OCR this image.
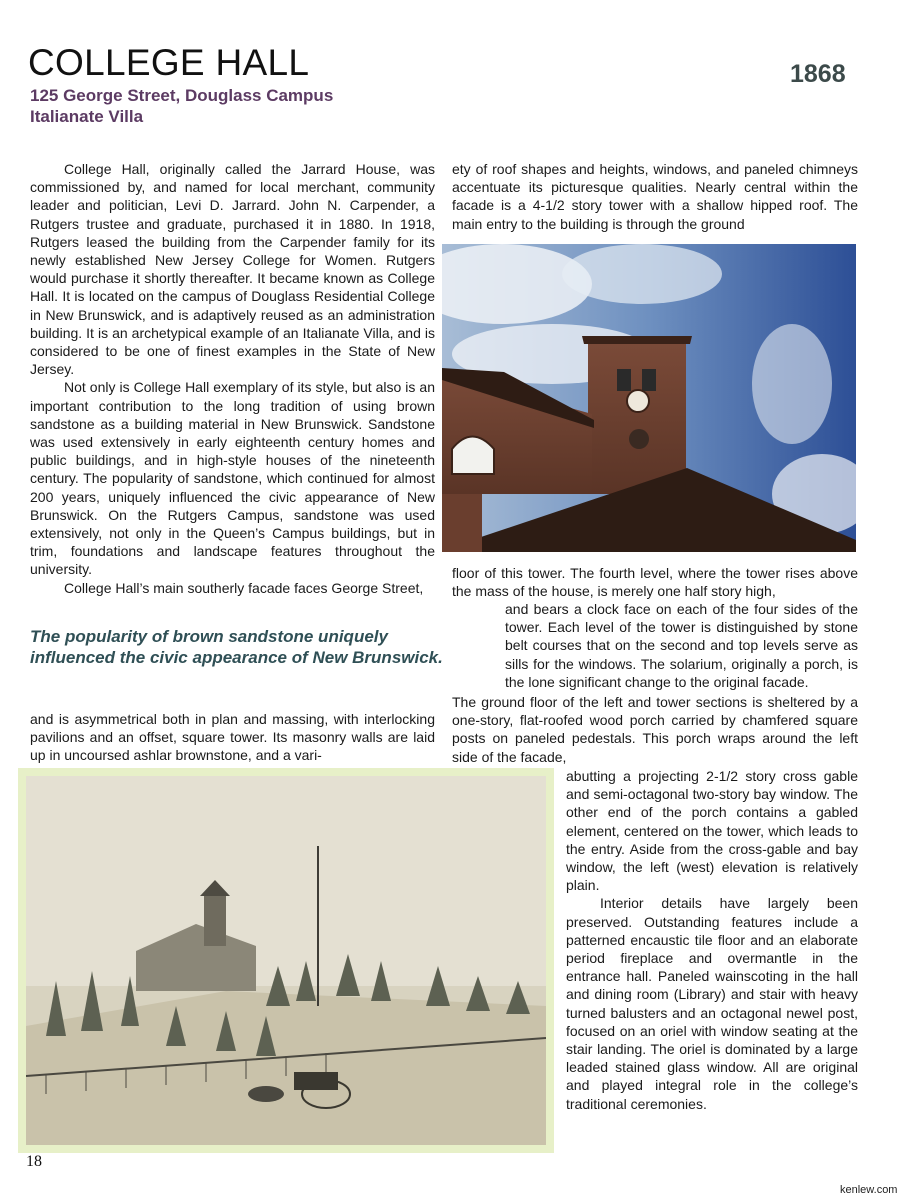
COLLEGE HALL	1868
125 George Street, Douglass Campus
Italianate Villa

College Hall, originally called the Jarrard House, was commissioned by, and named for local merchant, community leader and politician, Levi D. Jarrard. John N. Carpender, a Rutgers trustee and graduate, purchased it in 1880. In 1918, Rutgers leased the building from the Carpender family for its newly established New Jersey College for Women. Rutgers would purchase it shortly thereafter. It became known as College Hall. It is located on the campus of Douglass Residential College in New Brunswick, and is adaptively reused as an administration building. It is an archetypical example of an Italianate Villa, and is considered to be one of finest examples in the State of New Jersey.

Not only is College Hall exemplary of its style, but also is an important contribution to the long tradition of using brown sandstone as a building material in New Brunswick. Sandstone was used extensively in early eighteenth century homes and public buildings, and in high-style houses of the nineteenth century. The popularity of sandstone, which continued for almost 200 years, uniquely influenced the civic appearance of New Brunswick. On the Rutgers Campus, sandstone was used extensively, not only in the Queen’s Campus buildings, but in trim, foundations and landscape features throughout the university.

College Hall’s main southerly facade faces George Street,

The popularity of brown sandstone uniquely influenced the civic appearance of New Brunswick.
and is asymmetrical both in plan and massing, with interlocking pavilions and an offset, square tower. Its masonry walls are laid up in uncoursed ashlar brownstone, and a vari-
ety of roof shapes and heights, windows, and paneled chimneys accentuate its picturesque qualities. Nearly central within the facade is a 4-1/2 story tower with a shallow hipped roof. The main entry to the building is through the ground
floor of this tower. The fourth level, where the tower rises above the mass of the house, is merely one half story high,
and bears a clock face on each of the four sides of the tower. Each level of the tower is distinguished by stone belt courses that on the second and top levels serve as sills for the windows. The solarium, originally a porch, is the lone significant change to the original facade.
The ground floor of the left and tower sections is sheltered by a one-story, flat-roofed wood porch carried by chamfered square posts on paneled pedestals. This porch wraps around the left side of the facade,

abutting a projecting 2-1/2 story cross gable and semi-octagonal two-story bay window. The other end of the porch contains a gabled element, centered on the tower, which leads to the entry. Aside from the cross-gable and bay window, the left (west) elevation is relatively plain.

Interior details have largely been preserved. Outstanding features include a patterned encaustic tile floor and an elaborate period fireplace and overmantle in the entrance hall. Paneled wainscoting in the hall and dining room (Library) and stair with heavy turned balusters and an octagonal newel post, focused on an oriel with window seating at the stair landing. The oriel is dominated by a large leaded stained glass window. All are original and played integral role in the college’s traditional ceremonies.

18
kenlew.com
